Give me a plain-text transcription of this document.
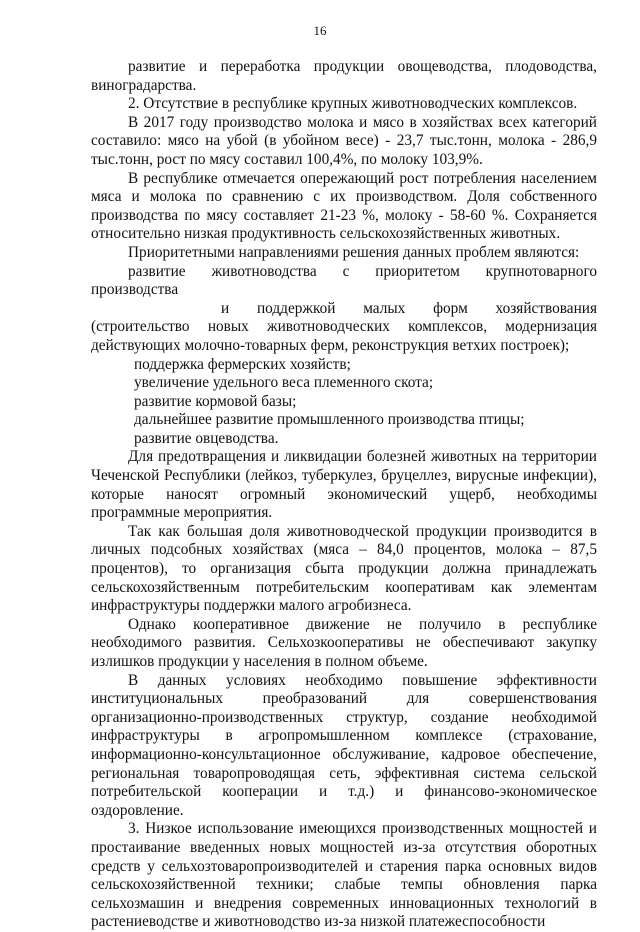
16

развитие и переработка продукции овощеводства, плодоводства, виноградарства.

2. Отсутствие в республике крупных животноводческих комплексов.

В 2017 году производство молока и мясо в хозяйствах всех категорий составило: мясо на убой (в убойном весе) - 23,7 тыс.тонн, молока - 286,9 тыс.тонн, рост по мясу составил 100,4%, по молоку 103,9%.

В республике отмечается опережающий рост потребления населением мяса и молока по сравнению с их производством. Доля собственного производства по мясу составляет 21-23 %, молоку - 58-60 %. Сохраняется относительно низкая продуктивность сельскохозяйственных животных.

Приоритетными направлениями решения данных проблем являются:

развитие животноводства с приоритетом крупнотоварного производства

и поддержкой малых форм хозяйствования (строительство новых животноводческих комплексов, модернизация действующих молочно-товарных ферм, реконструкция ветхих построек);

поддержка фермерских хозяйств;

увеличение удельного веса племенного скота;

развитие кормовой базы;

дальнейшее развитие промышленного производства птицы;

развитие овцеводства.

Для предотвращения и ликвидации болезней животных на территории Чеченской Республики (лейкоз, туберкулез, бруцеллез, вирусные инфекции), которые наносят огромный экономический ущерб, необходимы программные мероприятия.

Так как большая доля животноводческой продукции производится в личных подсобных хозяйствах (мяса – 84,0 процентов, молока – 87,5 процентов), то организация сбыта продукции должна принадлежать сельскохозяйственным потребительским кооперативам как элементам инфраструктуры поддержки малого агробизнеса.

Однако кооперативное движение не получило в республике необходимого развития. Сельхозкооперативы не обеспечивают закупку излишков продукции у населения в полном объеме.

В данных условиях необходимо повышение эффективности институциональных преобразований для совершенствования организационно-производственных структур, создание необходимой инфраструктуры в агропромышленном комплексе (страхование, информационно-консультационное обслуживание, кадровое обеспечение, региональная товаропроводящая сеть, эффективная система сельской потребительской кооперации и т.д.) и финансово-экономическое оздоровление.

3. Низкое использование имеющихся производственных мощностей и простаивание введенных новых мощностей из-за отсутствия оборотных средств у сельхозтоваропроизводителей и старения парка основных видов сельскохозяйственной техники; слабые темпы обновления парка сельхозмашин и внедрения современных инновационных технологий в растениеводстве и животноводство из-за низкой платежеспособности
